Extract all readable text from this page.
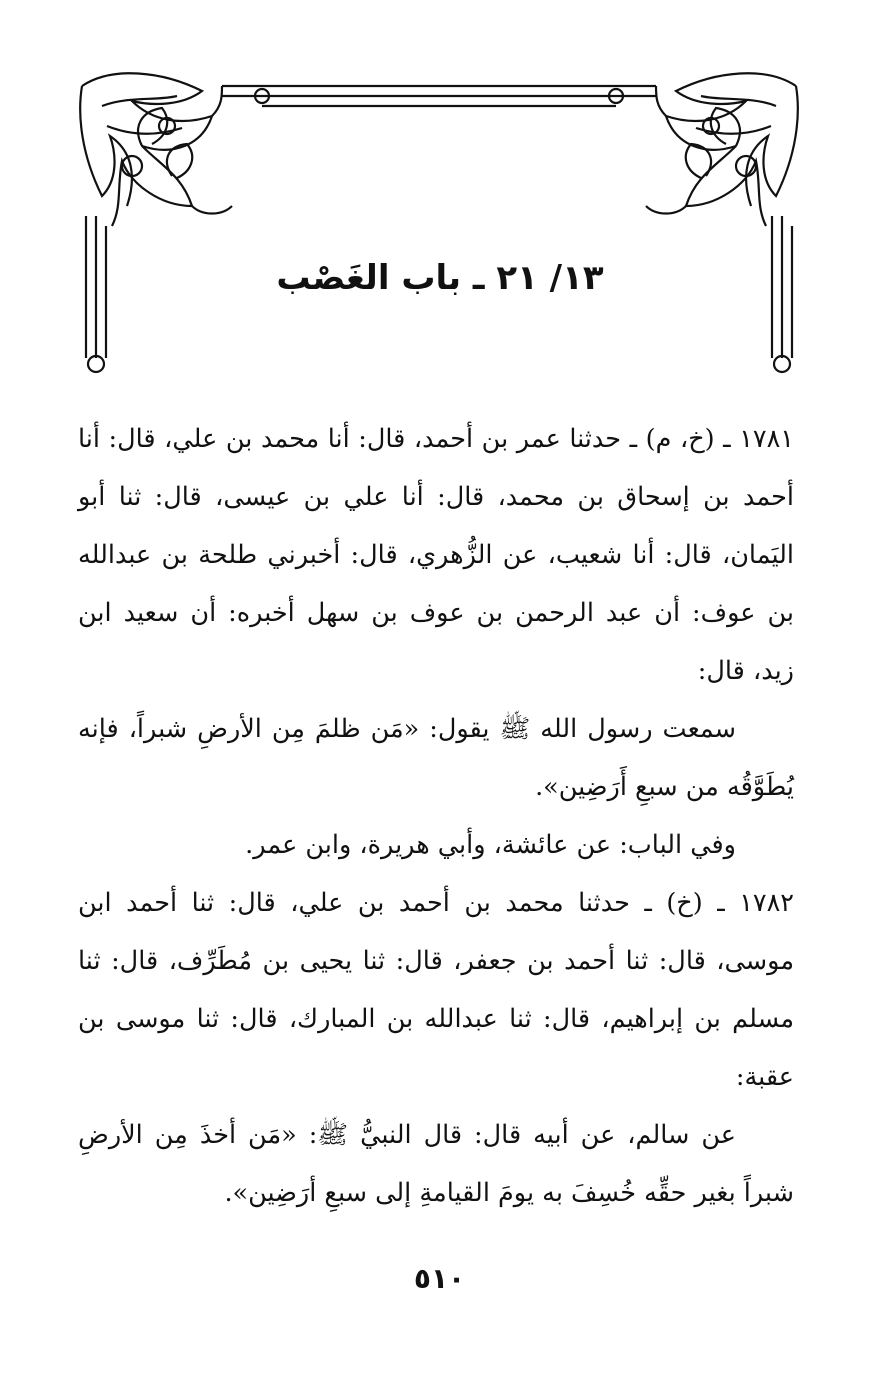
١٣/ ٢١ ـ باب الغَصْب

١٧٨١ ـ (خ، م) ـ حدثنا عمر بن أحمد، قال: أنا محمد بن علي، قال: أنا أحمد بن إسحاق بن محمد، قال: أنا علي بن عيسى، قال: ثنا أبو اليَمان، قال: أنا شعيب، عن الزُّهري، قال: أخبرني طلحة بن عبدالله بن عوف: أن عبد الرحمن بن عوف بن سهل أخبره: أن سعيد ابن زيد، قال:

سمعت رسول الله ﷺ يقول: «مَن ظلمَ مِن الأرضِ شبراً، فإنه يُطَوَّقُه من سبعِ أَرَضِين».

وفي الباب: عن عائشة، وأبي هريرة، وابن عمر.

١٧٨٢ ـ (خ) ـ حدثنا محمد بن أحمد بن علي، قال: ثنا أحمد ابن موسى، قال: ثنا أحمد بن جعفر، قال: ثنا يحيى بن مُطَرِّف، قال: ثنا مسلم بن إبراهيم، قال: ثنا عبدالله بن المبارك، قال: ثنا موسى بن عقبة:

عن سالم، عن أبيه قال: قال النبيُّ ﷺ: «مَن أخذَ مِن الأرضِ شبراً بغير حقِّه خُسِفَ به يومَ القيامةِ إلى سبعِ أرَضِين».

٥١٠
